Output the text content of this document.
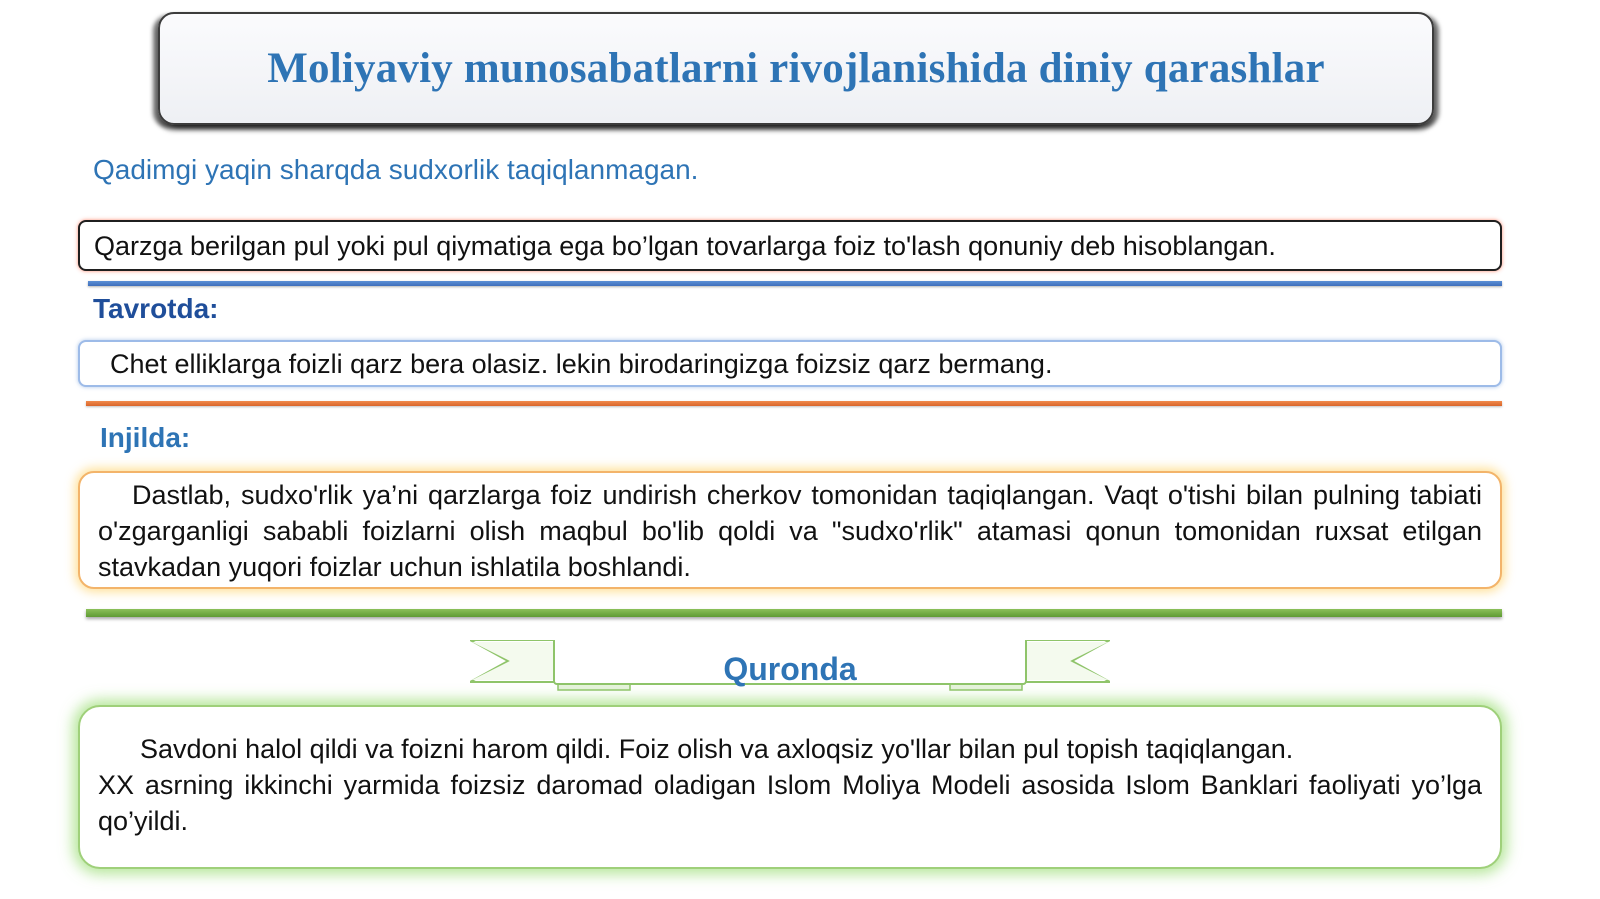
Moliyaviy munosabatlarni rivojlanishida diniy qarashlar
Qadimgi yaqin sharqda sudxorlik taqiqlanmagan.
Qarzga berilgan pul yoki pul qiymatiga ega bo’lgan tovarlarga foiz to'lash qonuniy deb hisoblangan.
Tavrotda:
Chet elliklarga foizli qarz bera olasiz. lekin birodaringizga foizsiz qarz bermang.
Injilda:
Dastlab, sudxo'rlik ya’ni qarzlarga foiz undirish cherkov tomonidan taqiqlangan. Vaqt o'tishi bilan pulning tabiati o'zgarganligi sababli foizlarni olish maqbul bo'lib qoldi va "sudxo'rlik" atamasi qonun tomonidan ruxsat etilgan stavkadan yuqori foizlar uchun ishlatila boshlandi.
Quronda
Savdoni halol qildi va foizni harom qildi. Foiz olish va axloqsiz yo'llar bilan pul topish taqiqlangan.
XX asrning ikkinchi yarmida foizsiz daromad oladigan Islom Moliya Modeli asosida Islom Banklari faoliyati yo’lga qo’yildi.
